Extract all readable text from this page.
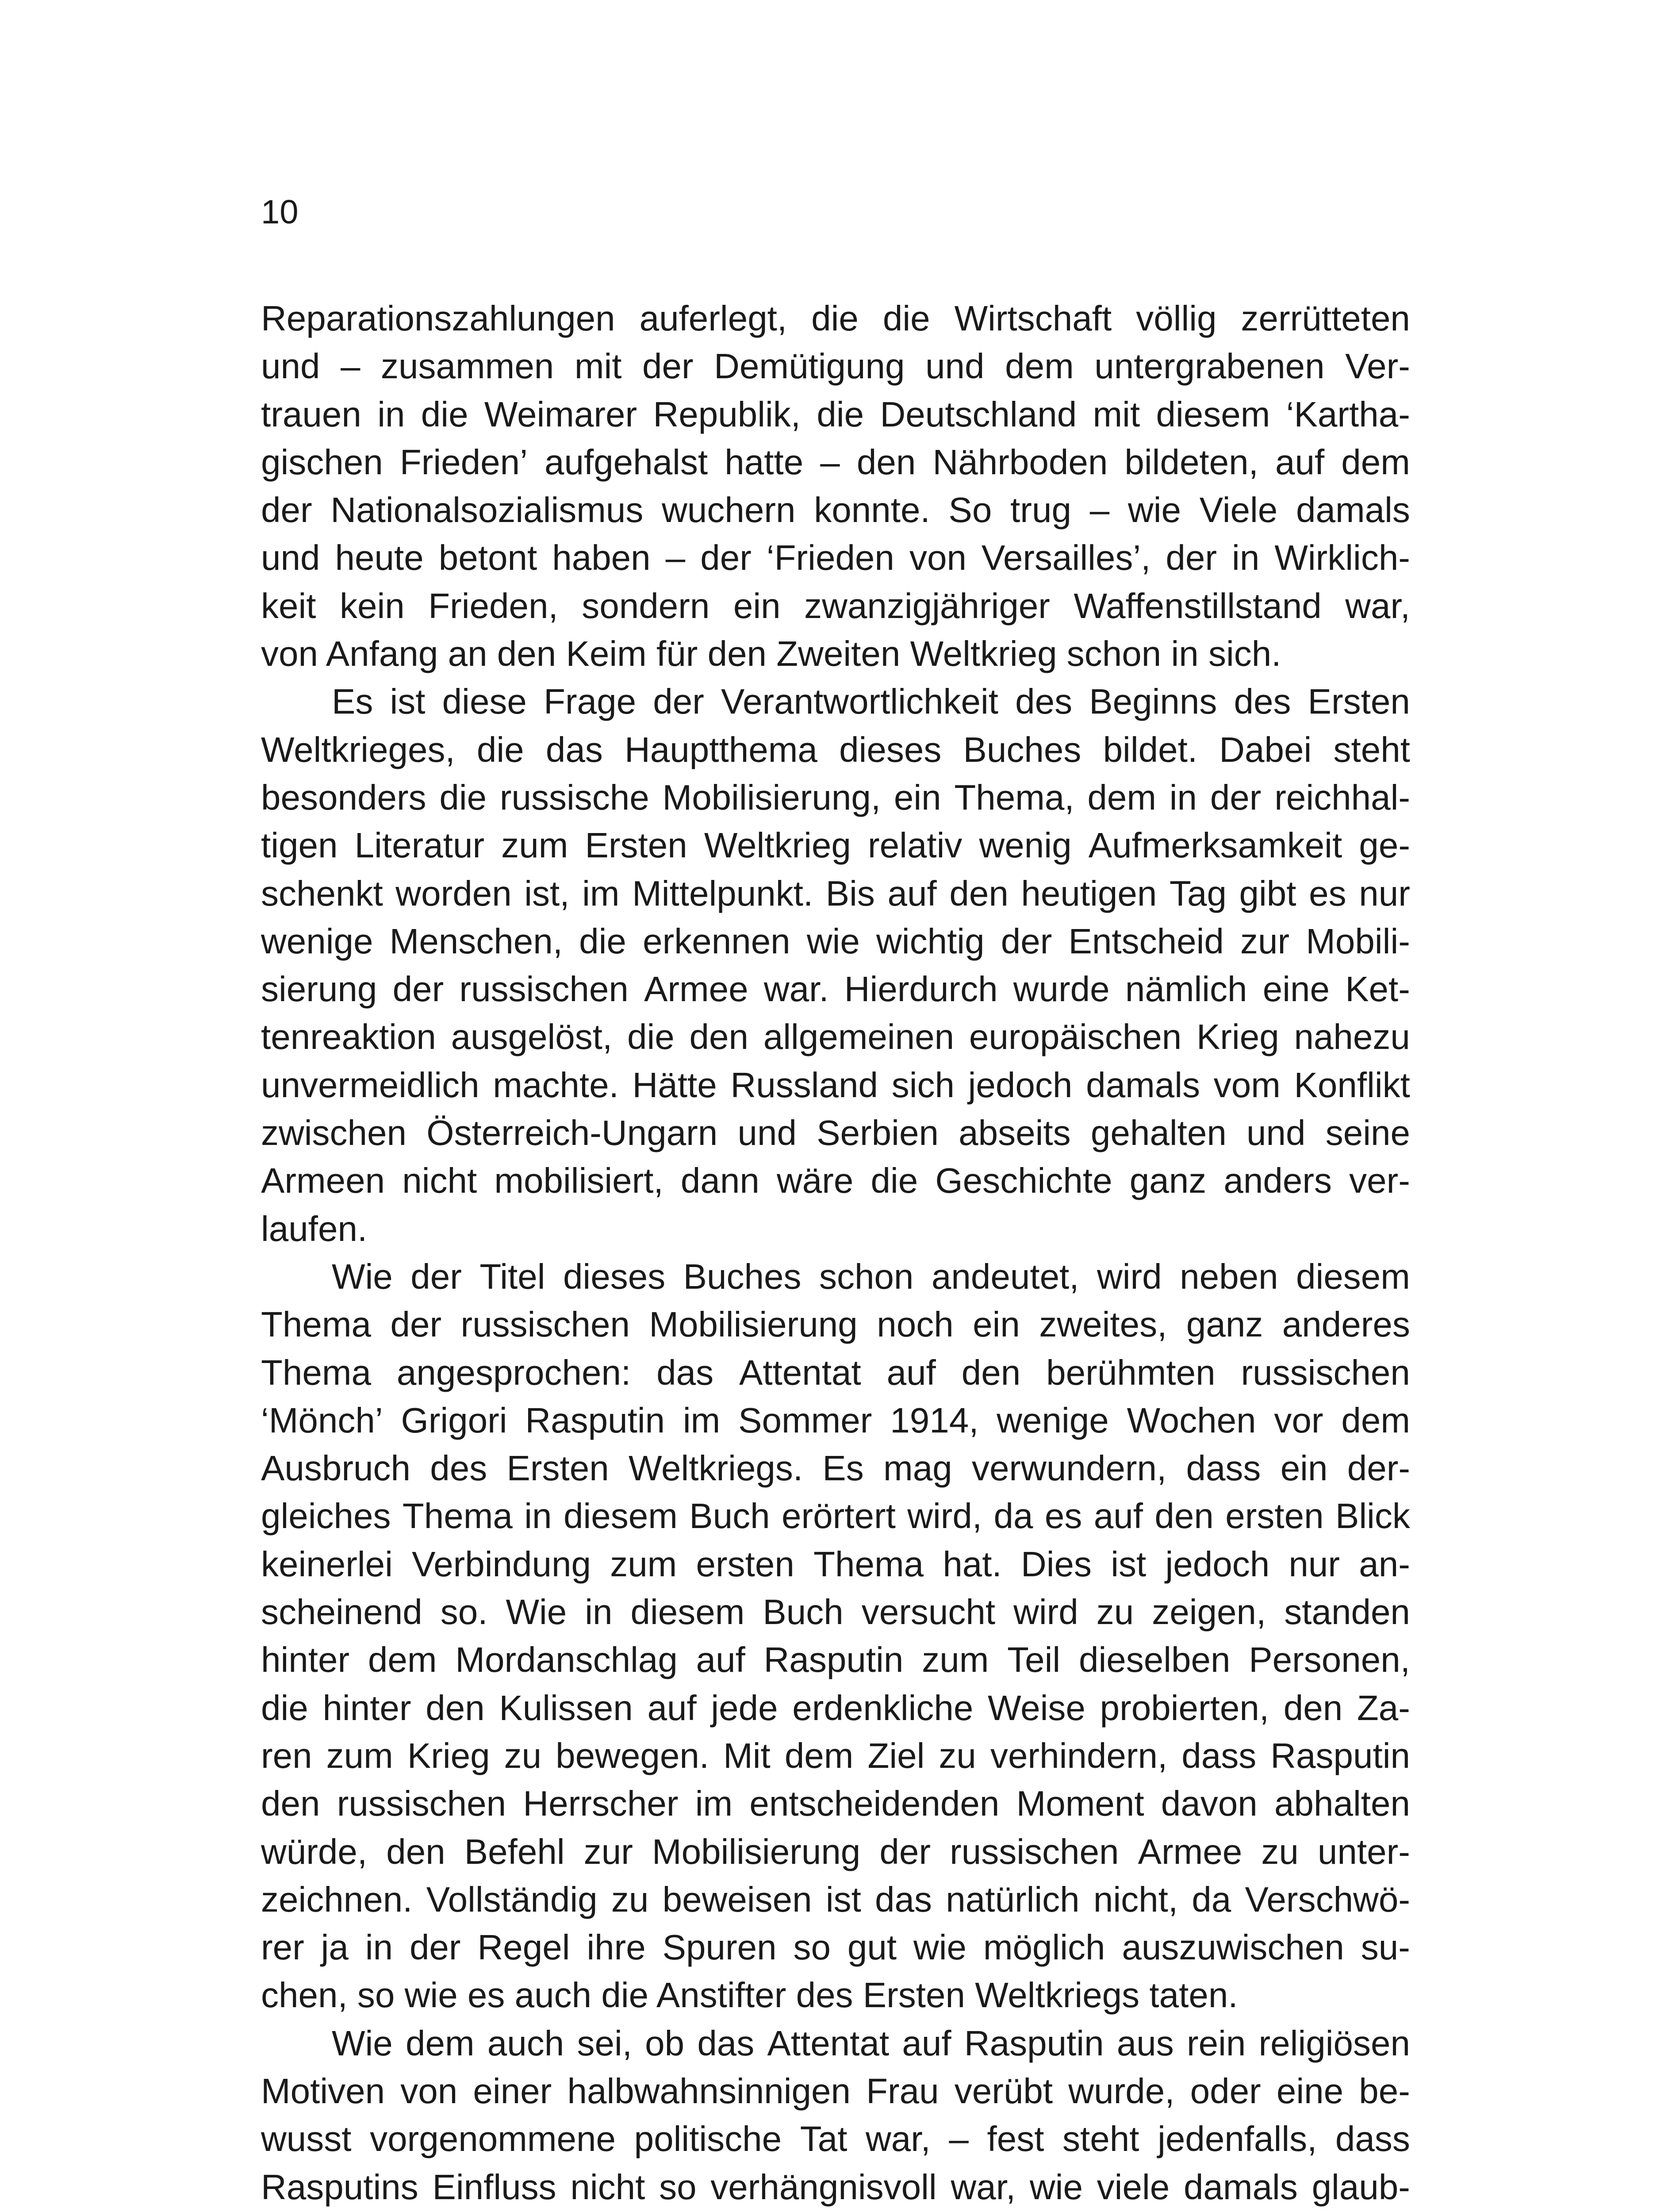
10
Reparationszahlungen auferlegt, die die Wirtschaft völlig zerrütteten
und – zusammen mit der Demütigung und dem untergrabenen Ver-
trauen in die Weimarer Republik, die Deutschland mit diesem ‘Kartha-
gischen Frieden’ aufgehalst hatte – den Nährboden bildeten, auf dem
der Nationalsozialismus wuchern konnte. So trug – wie Viele damals
und heute betont haben – der ‘Frieden von Versailles’, der in Wirklich-
keit kein Frieden, sondern ein zwanzigjähriger Waffenstillstand war,
von Anfang an den Keim für den Zweiten Weltkrieg schon in sich.
Es ist diese Frage der Verantwortlichkeit des Beginns des Ersten
Weltkrieges, die das Hauptthema dieses Buches bildet. Dabei steht
besonders die russische Mobilisierung, ein Thema, dem in der reichhal-
tigen Literatur zum Ersten Weltkrieg relativ wenig Aufmerksamkeit ge-
schenkt worden ist, im Mittelpunkt. Bis auf den heutigen Tag gibt es nur
wenige Menschen, die erkennen wie wichtig der Entscheid zur Mobili-
sierung der russischen Armee war. Hierdurch wurde nämlich eine Ket-
tenreaktion ausgelöst, die den allgemeinen europäischen Krieg nahezu
unvermeidlich machte. Hätte Russland sich jedoch damals vom Konflikt
zwischen Österreich-Ungarn und Serbien abseits gehalten und seine
Armeen nicht mobilisiert, dann wäre die Geschichte ganz anders ver-
laufen.
Wie der Titel dieses Buches schon andeutet, wird neben diesem
Thema der russischen Mobilisierung noch ein zweites, ganz anderes
Thema angesprochen: das Attentat auf den berühmten russischen
‘Mönch’ Grigori Rasputin im Sommer 1914, wenige Wochen vor dem
Ausbruch des Ersten Weltkriegs. Es mag verwundern, dass ein der-
gleiches Thema in diesem Buch erörtert wird, da es auf den ersten Blick
keinerlei Verbindung zum ersten Thema hat. Dies ist jedoch nur an-
scheinend so. Wie in diesem Buch versucht wird zu zeigen, standen
hinter dem Mordanschlag auf Rasputin zum Teil dieselben Personen,
die hinter den Kulissen auf jede erdenkliche Weise probierten, den Za-
ren zum Krieg zu bewegen. Mit dem Ziel zu verhindern, dass Rasputin
den russischen Herrscher im entscheidenden Moment davon abhalten
würde, den Befehl zur Mobilisierung der russischen Armee zu unter-
zeichnen. Vollständig zu beweisen ist das natürlich nicht, da Verschwö-
rer ja in der Regel ihre Spuren so gut wie möglich auszuwischen su-
chen, so wie es auch die Anstifter des Ersten Weltkriegs taten.
Wie dem auch sei, ob das Attentat auf Rasputin aus rein religiösen
Motiven von einer halbwahnsinnigen Frau verübt wurde, oder eine be-
wusst vorgenommene politische Tat war, – fest steht jedenfalls, dass
Rasputins Einfluss nicht so verhängnisvoll war, wie viele damals glaub-
